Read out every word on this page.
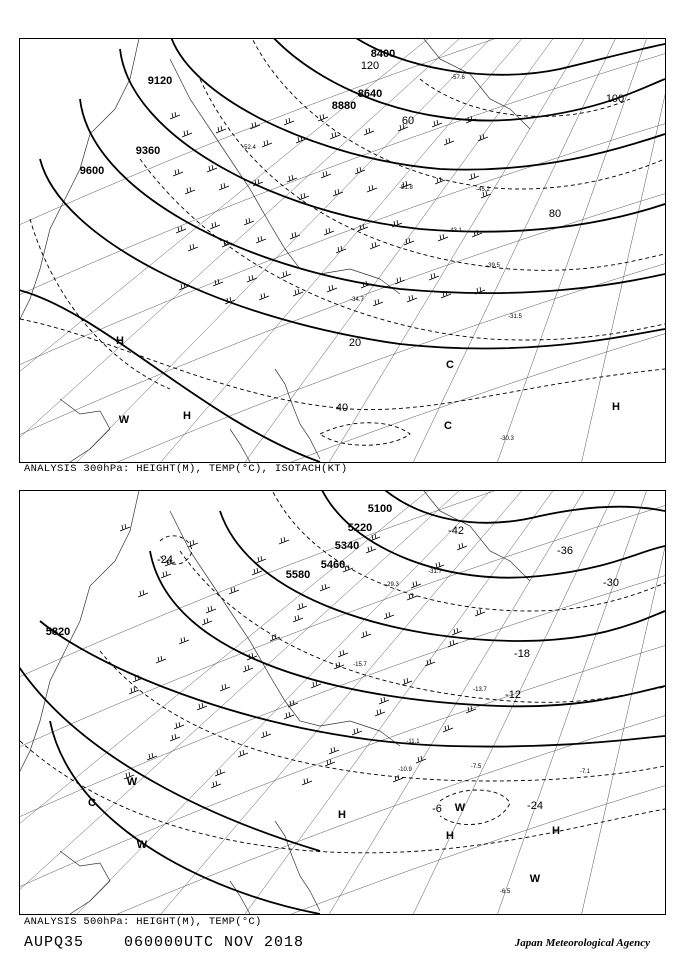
8400
8640
8880
9120
9360
9600
20
40
60
80
100
120
H
W	H
C
C
H
-30.3
-34.7
-39.5
-43.1
-45.2
-52.4
-51.8
-57.6
-31.5
ANALYSIS 300hPa: HEIGHT(M), TEMP(°C), ISOTACH(KT)
5100
5220
5340
5460
5580
5820
-42
-36
-30
-24
-18
-12
-6	-24
W
C
W
H
W
H	H
W
-6.5
-7.5
-7.1
-10.9
-11.1
-13.7
-15.7
-29.3
-31.7
ANALYSIS 500hPa: HEIGHT(M), TEMP(°C)
AUPQ35	060000UTC NOV 2018	Japan Meteorological Agency
